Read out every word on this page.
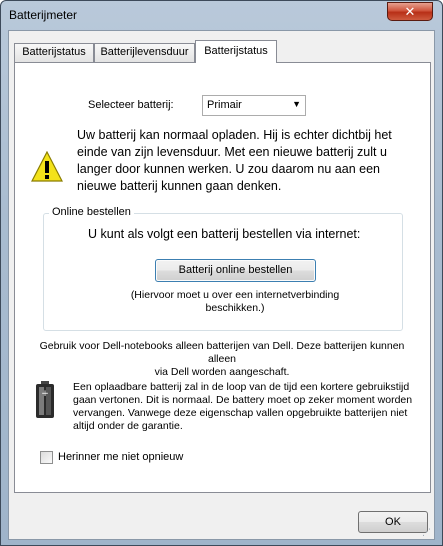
Batterijmeter	✕
Batterijstatus	Batterijlevensduur	Batterijstatus
Selecteer batterij:	Primair	▼
Uw batterij kan normaal opladen. Hij is echter dichtbij het
einde van zijn levensduur. Met een nieuwe batterij zult u
langer door kunnen werken. U zou daarom nu aan een
nieuwe batterij kunnen gaan denken.
Online bestellen
U kunt als volgt een batterij bestellen via internet:
Batterij online bestellen
(Hiervoor moet u over een internetverbinding
beschikken.)
Gebruik voor Dell-notebooks alleen batterijen van Dell. Deze batterijen kunnen alleen
via Dell worden aangeschaft.
+
Een oplaadbare batterij zal in de loop van de tijd een kortere gebruikstijd
gaan vertonen. Dit is normaal. De battery moet op zeker moment worden
vervangen. Vanwege deze eigenschap vallen opgebruikte batterijen niet
altijd onder de garantie.
Herinner me niet opnieuw
OK
⋰
